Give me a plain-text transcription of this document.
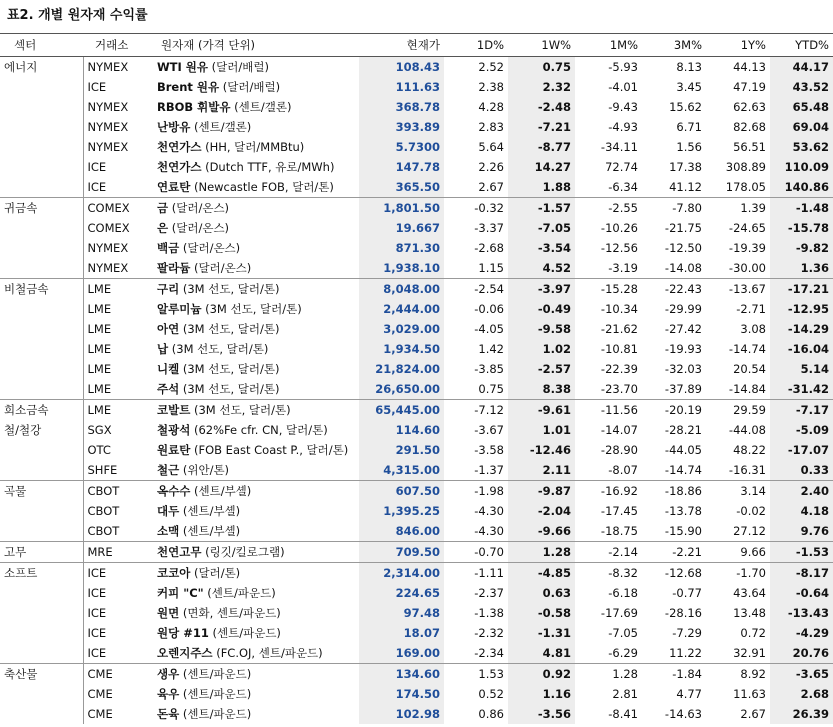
표2. 개별 원자재 수익률
섹터	거래소	원자재 (가격 단위)	현재가	1D%	1W%	1M%	3M%	1Y%	YTD%
에너지	NYMEX	WTI 원유 (달러/배럴)	108.43	2.52	0.75	-5.93	8.13	44.13	44.17
	ICE	Brent 원유 (달러/배럴)	111.63	2.38	2.32	-4.01	3.45	47.19	43.52
	NYMEX	RBOB 휘발유 (센트/갤론)	368.78	4.28	-2.48	-9.43	15.62	62.63	65.48
	NYMEX	난방유 (센트/갤론)	393.89	2.83	-7.21	-4.93	6.71	82.68	69.04
	NYMEX	천연가스 (HH, 달러/MMBtu)	5.7300	5.64	-8.77	-34.11	1.56	56.51	53.62
	ICE	천연가스 (Dutch TTF, 유로/MWh)	147.78	2.26	14.27	72.74	17.38	308.89	110.09
	ICE	연료탄 (Newcastle FOB, 달러/톤)	365.50	2.67	1.88	-6.34	41.12	178.05	140.86
귀금속	COMEX	금 (달러/온스)	1,801.50	-0.32	-1.57	-2.55	-7.80	1.39	-1.48
	COMEX	은 (달러/온스)	19.667	-3.37	-7.05	-10.26	-21.75	-24.65	-15.78
	NYMEX	백금 (달러/온스)	871.30	-2.68	-3.54	-12.56	-12.50	-19.39	-9.82
	NYMEX	팔라듐 (달러/온스)	1,938.10	1.15	4.52	-3.19	-14.08	-30.00	1.36
비철금속	LME	구리 (3M 선도, 달러/톤)	8,048.00	-2.54	-3.97	-15.28	-22.43	-13.67	-17.21
	LME	알루미늄 (3M 선도, 달러/톤)	2,444.00	-0.06	-0.49	-10.34	-29.99	-2.71	-12.95
	LME	아연 (3M 선도, 달러/톤)	3,029.00	-4.05	-9.58	-21.62	-27.42	3.08	-14.29
	LME	납 (3M 선도, 달러/톤)	1,934.50	1.42	1.02	-10.81	-19.93	-14.74	-16.04
	LME	니켈 (3M 선도, 달러/톤)	21,824.00	-3.85	-2.57	-22.39	-32.03	20.54	5.14
	LME	주석 (3M 선도, 달러/톤)	26,650.00	0.75	8.38	-23.70	-37.89	-14.84	-31.42
희소금속	LME	코발트 (3M 선도, 달러/톤)	65,445.00	-7.12	-9.61	-11.56	-20.19	29.59	-7.17
철/철강	SGX	철광석 (62%Fe cfr. CN, 달러/톤)	114.60	-3.67	1.01	-14.07	-28.21	-44.08	-5.09
	OTC	원료탄 (FOB East Coast P., 달러/톤)	291.50	-3.58	-12.46	-28.90	-44.05	48.22	-17.07
	SHFE	철근 (위안/톤)	4,315.00	-1.37	2.11	-8.07	-14.74	-16.31	0.33
곡물	CBOT	옥수수 (센트/부셸)	607.50	-1.98	-9.87	-16.92	-18.86	3.14	2.40
	CBOT	대두 (센트/부셸)	1,395.25	-4.30	-2.04	-17.45	-13.78	-0.02	4.18
	CBOT	소맥 (센트/부셸)	846.00	-4.30	-9.66	-18.75	-15.90	27.12	9.76
고무	MRE	천연고무 (링깃/킬로그램)	709.50	-0.70	1.28	-2.14	-2.21	9.66	-1.53
소프트	ICE	코코아 (달러/톤)	2,314.00	-1.11	-4.85	-8.32	-12.68	-1.70	-8.17
	ICE	커피 "C" (센트/파운드)	224.65	-2.37	0.63	-6.18	-0.77	43.64	-0.64
	ICE	원면 (면화, 센트/파운드)	97.48	-1.38	-0.58	-17.69	-28.16	13.48	-13.43
	ICE	원당 #11 (센트/파운드)	18.07	-2.32	-1.31	-7.05	-7.29	0.72	-4.29
	ICE	오렌지주스 (FC.OJ, 센트/파운드)	169.00	-2.34	4.81	-6.29	11.22	32.91	20.76
축산물	CME	생우 (센트/파운드)	134.60	1.53	0.92	1.28	-1.84	8.92	-3.65
	CME	육우 (센트/파운드)	174.50	0.52	1.16	2.81	4.77	11.63	2.68
	CME	돈육 (센트/파운드)	102.98	0.86	-3.56	-8.41	-14.63	2.67	26.39
